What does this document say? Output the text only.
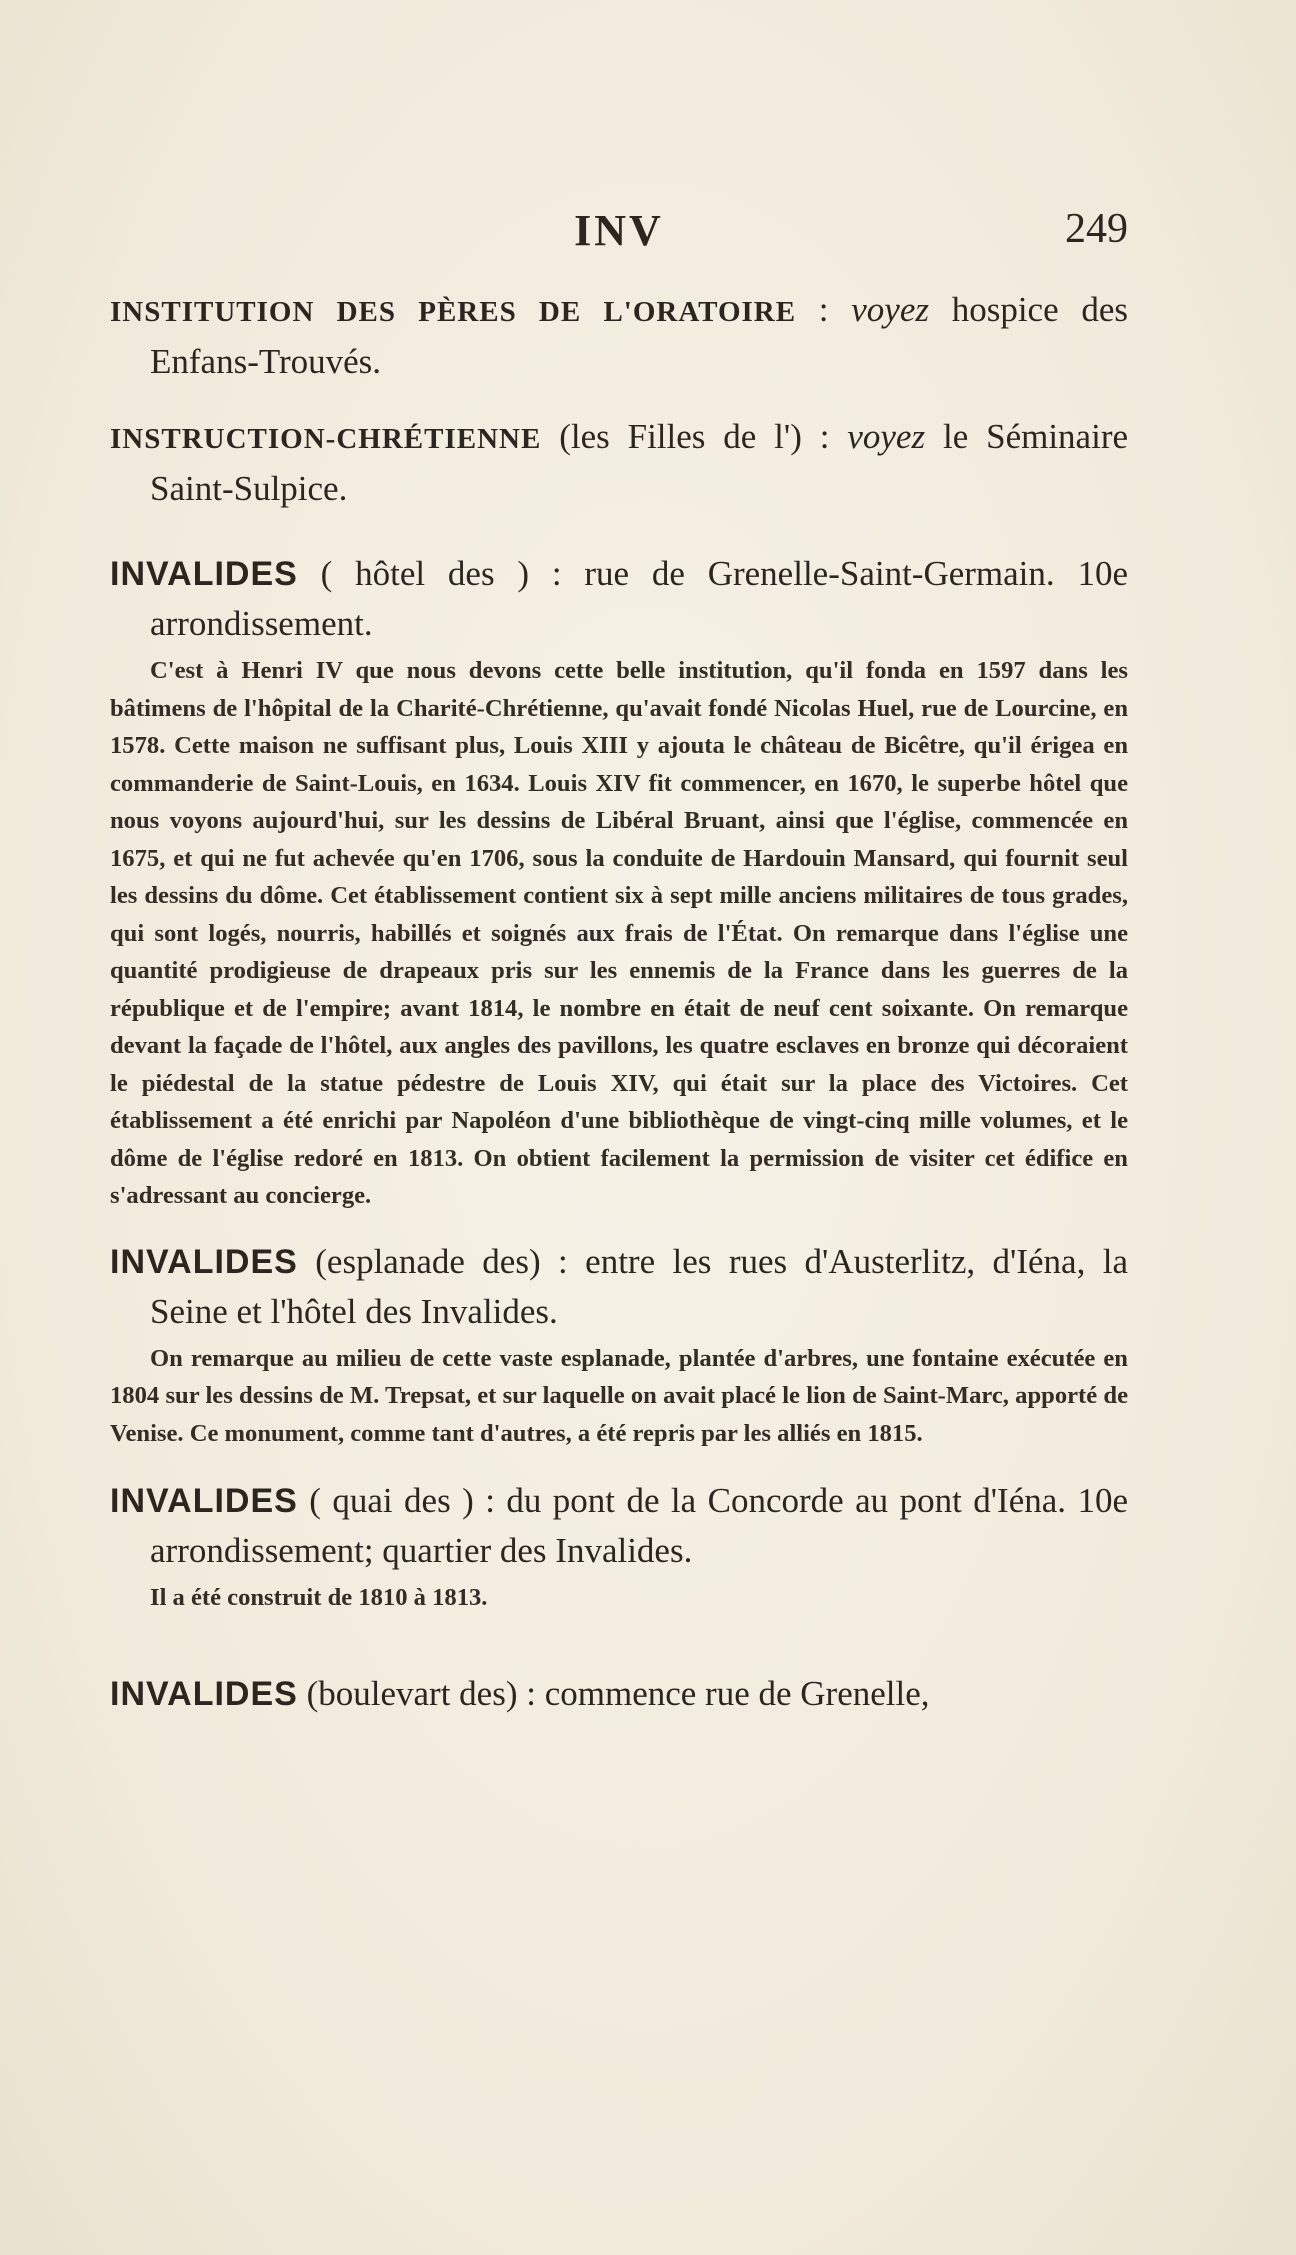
INV	249

INSTITUTION DES PÈRES DE L'ORATOIRE : voyez hospice des Enfans-Trouvés.

INSTRUCTION-CHRÉTIENNE (les Filles de l') : voyez le Séminaire Saint-Sulpice.

INVALIDES ( hôtel des ) : rue de Grenelle-Saint-Germain. 10e arrondissement.

C'est à Henri IV que nous devons cette belle institution, qu'il fonda en 1597 dans les bâtimens de l'hôpital de la Charité-Chrétienne, qu'avait fondé Nicolas Huel, rue de Lourcine, en 1578. Cette maison ne suffisant plus, Louis XIII y ajouta le château de Bicêtre, qu'il érigea en commanderie de Saint-Louis, en 1634. Louis XIV fit commencer, en 1670, le superbe hôtel que nous voyons aujourd'hui, sur les dessins de Libéral Bruant, ainsi que l'église, commencée en 1675, et qui ne fut achevée qu'en 1706, sous la conduite de Hardouin Mansard, qui fournit seul les dessins du dôme. Cet établissement contient six à sept mille anciens militaires de tous grades, qui sont logés, nourris, habillés et soignés aux frais de l'État. On remarque dans l'église une quantité prodigieuse de drapeaux pris sur les ennemis de la France dans les guerres de la république et de l'empire; avant 1814, le nombre en était de neuf cent soixante. On remarque devant la façade de l'hôtel, aux angles des pavillons, les quatre esclaves en bronze qui décoraient le piédestal de la statue pédestre de Louis XIV, qui était sur la place des Victoires. Cet établissement a été enrichi par Napoléon d'une bibliothèque de vingt-cinq mille volumes, et le dôme de l'église redoré en 1813. On obtient facilement la permission de visiter cet édifice en s'adressant au concierge.

INVALIDES (esplanade des) : entre les rues d'Austerlitz, d'Iéna, la Seine et l'hôtel des Invalides.

On remarque au milieu de cette vaste esplanade, plantée d'arbres, une fontaine exécutée en 1804 sur les dessins de M. Trepsat, et sur laquelle on avait placé le lion de Saint-Marc, apporté de Venise. Ce monument, comme tant d'autres, a été repris par les alliés en 1815.

INVALIDES ( quai des ) : du pont de la Concorde au pont d'Iéna. 10e arrondissement; quartier des Invalides.

Il a été construit de 1810 à 1813.

INVALIDES (boulevart des) : commence rue de Grenelle,
